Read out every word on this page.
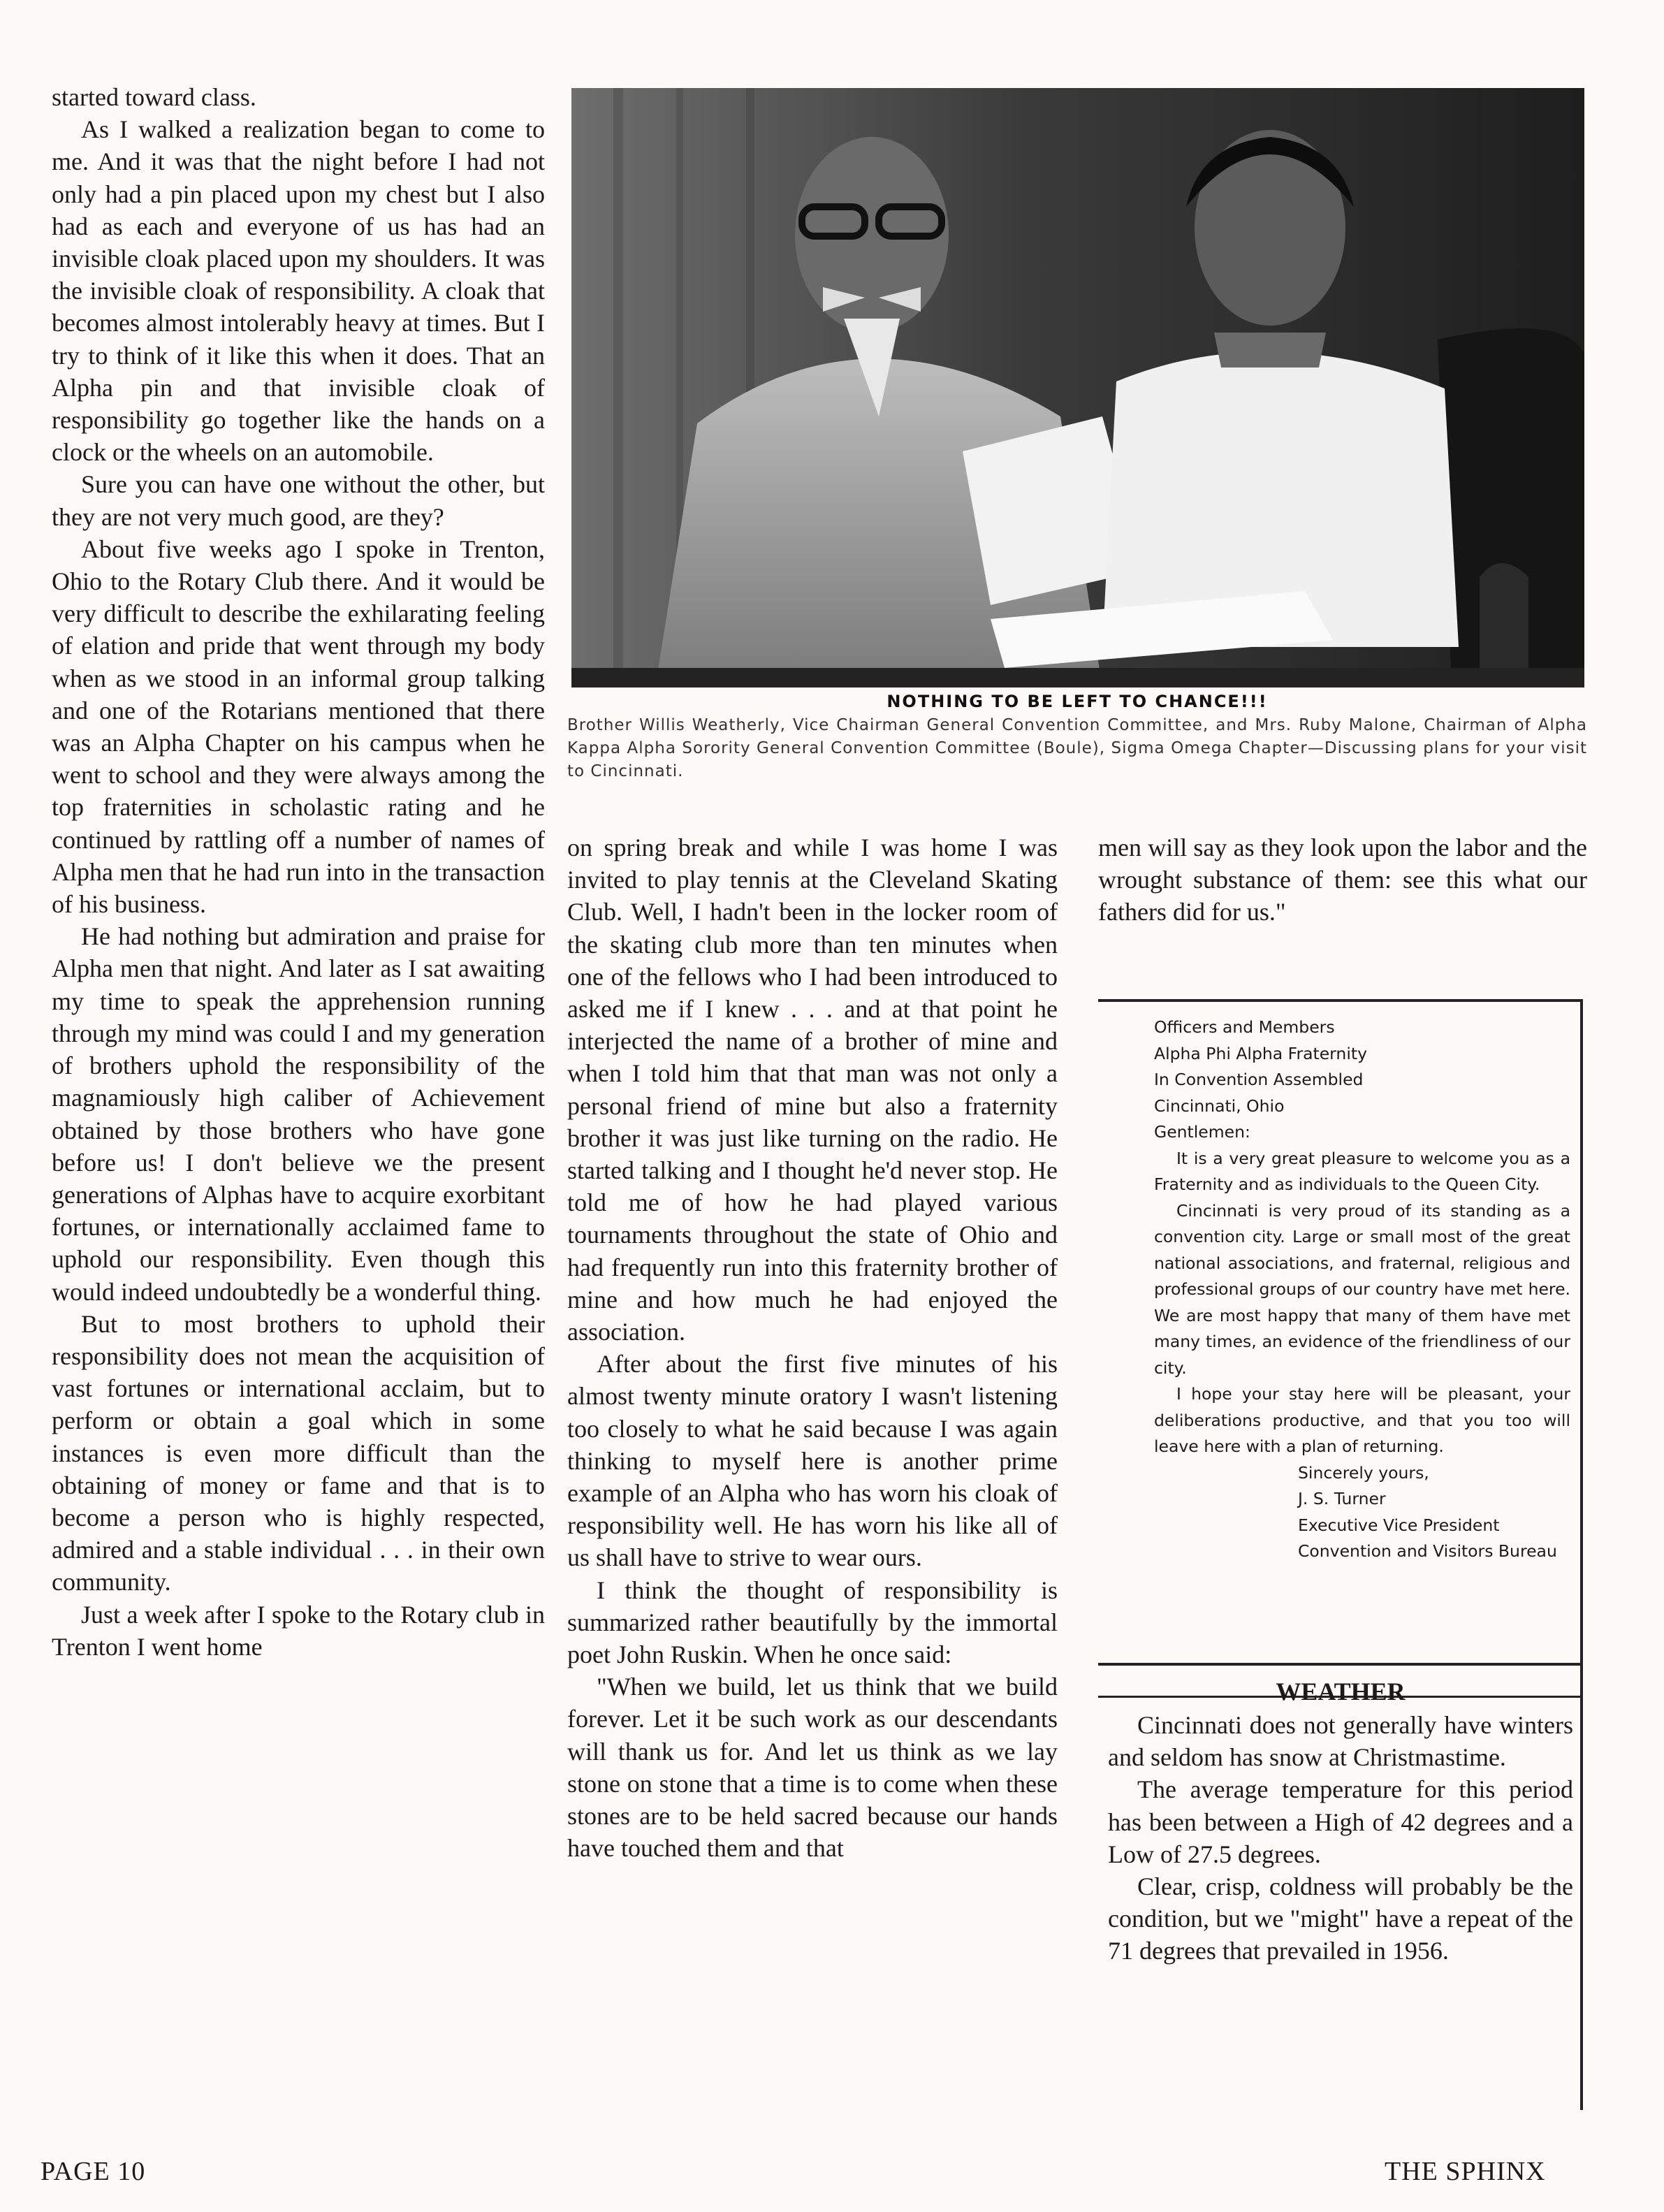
started toward class.

As I walked a realization began to come to me. And it was that the night before I had not only had a pin placed upon my chest but I also had as each and everyone of us has had an invisible cloak placed upon my shoulders. It was the invisible cloak of responsibility. A cloak that becomes almost intolerably heavy at times. But I try to think of it like this when it does. That an Alpha pin and that invisible cloak of responsibility go together like the hands on a clock or the wheels on an automobile.

Sure you can have one without the other, but they are not very much good, are they?

About five weeks ago I spoke in Trenton, Ohio to the Rotary Club there. And it would be very difficult to describe the exhilarating feeling of elation and pride that went through my body when as we stood in an informal group talking and one of the Rotarians mentioned that there was an Alpha Chapter on his campus when he went to school and they were always among the top fraternities in scholastic rating and he continued by rattling off a number of names of Alpha men that he had run into in the transaction of his business.

He had nothing but admiration and praise for Alpha men that night. And later as I sat awaiting my time to speak the apprehension running through my mind was could I and my generation of brothers uphold the responsibility of the magnamiously high caliber of Achievement obtained by those brothers who have gone before us! I don't believe we the present generations of Alphas have to acquire exorbitant fortunes, or internationally acclaimed fame to uphold our responsibility. Even though this would indeed undoubtedly be a wonderful thing.

But to most brothers to uphold their responsibility does not mean the acquisition of vast fortunes or international acclaim, but to perform or obtain a goal which in some instances is even more difficult than the obtaining of money or fame and that is to become a person who is highly respected, admired and a stable individual . . . in their own community.

Just a week after I spoke to the Rotary club in Trenton I went home

NOTHING TO BE LEFT TO CHANCE!!!
Brother Willis Weatherly, Vice Chairman General Convention Committee, and Mrs. Ruby Malone, Chairman of Alpha Kappa Alpha Sorority General Convention Committee (Boule), Sigma Omega Chapter—Discussing plans for your visit to Cincinnati.

on spring break and while I was home I was invited to play tennis at the Cleveland Skating Club. Well, I hadn't been in the locker room of the skating club more than ten minutes when one of the fellows who I had been introduced to asked me if I knew . . . and at that point he interjected the name of a brother of mine and when I told him that that man was not only a personal friend of mine but also a fraternity brother it was just like turning on the radio. He started talking and I thought he'd never stop. He told me of how he had played various tournaments throughout the state of Ohio and had frequently run into this fraternity brother of mine and how much he had enjoyed the association.

After about the first five minutes of his almost twenty minute oratory I wasn't listening too closely to what he said because I was again thinking to myself here is another prime example of an Alpha who has worn his cloak of responsibility well. He has worn his like all of us shall have to strive to wear ours.

I think the thought of responsibility is summarized rather beautifully by the immortal poet John Ruskin. When he once said:

"When we build, let us think that we build forever. Let it be such work as our descendants will thank us for. And let us think as we lay stone on stone that a time is to come when these stones are to be held sacred because our hands have touched them and that

men will say as they look upon the labor and the wrought substance of them: see this what our fathers did for us."

Officers and Members

Alpha Phi Alpha Fraternity

In Convention Assembled

Cincinnati, Ohio

Gentlemen:

It is a very great pleasure to welcome you as a Fraternity and as individuals to the Queen City.

Cincinnati is very proud of its standing as a convention city. Large or small most of the great national associations, and fraternal, religious and professional groups of our country have met here. We are most happy that many of them have met many times, an evidence of the friendliness of our city.

I hope your stay here will be pleasant, your deliberations productive, and that you too will leave here with a plan of returning.

Sincerely yours,

J. S. Turner

Executive Vice President

Convention and Visitors Bureau

WEATHER

Cincinnati does not generally have winters and seldom has snow at Christmastime.

The average temperature for this period has been between a High of 42 degrees and a Low of 27.5 degrees.

Clear, crisp, coldness will probably be the condition, but we "might" have a repeat of the 71 degrees that prevailed in 1956.

PAGE 10	THE SPHINX
